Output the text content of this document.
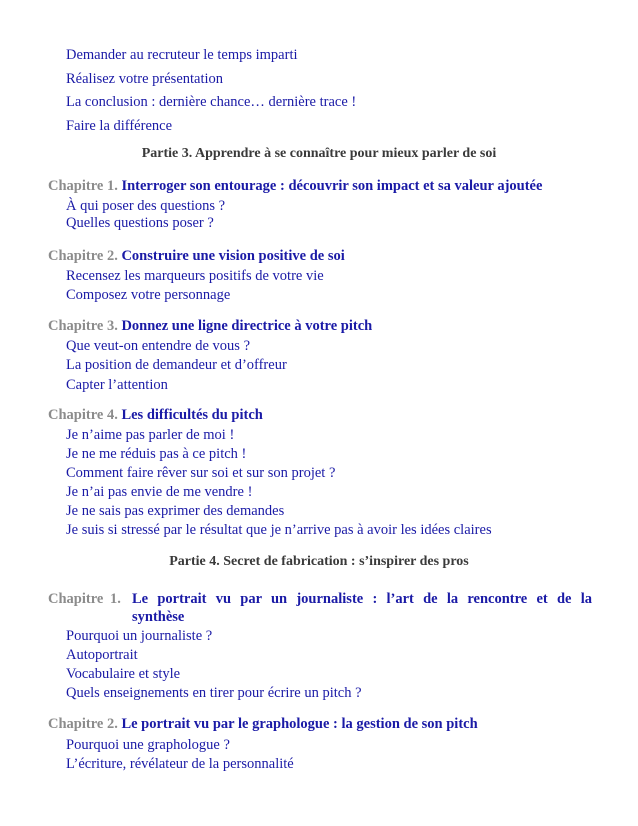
Demander au recruteur le temps imparti
Réalisez votre présentation
La conclusion : dernière chance… dernière trace !
Faire la différence
Partie 3. Apprendre à se connaître pour mieux parler de soi
Chapitre 1. Interroger son entourage : découvrir son impact et sa valeur ajoutée
À qui poser des questions ?
Quelles questions poser ?
Chapitre 2. Construire une vision positive de soi
Recensez les marqueurs positifs de votre vie
Composez votre personnage
Chapitre 3. Donnez une ligne directrice à votre pitch
Que veut-on entendre de vous ?
La position de demandeur et d’offreur
Capter l’attention
Chapitre 4. Les difficultés du pitch
Je n’aime pas parler de moi !
Je ne me réduis pas à ce pitch !
Comment faire rêver sur soi et sur son projet ?
Je n’ai pas envie de me vendre !
Je ne sais pas exprimer des demandes
Je suis si stressé par le résultat que je n’arrive pas à avoir les idées claires
Partie 4. Secret de fabrication : s’inspirer des pros
Chapitre 1. Le portrait vu par un journaliste : l’art de la rencontre et de la synthèse
Pourquoi un journaliste ?
Autoportrait
Vocabulaire et style
Quels enseignements en tirer pour écrire un pitch ?
Chapitre 2. Le portrait vu par le graphologue : la gestion de son pitch
Pourquoi une graphologue ?
L’écriture, révélateur de la personnalité
